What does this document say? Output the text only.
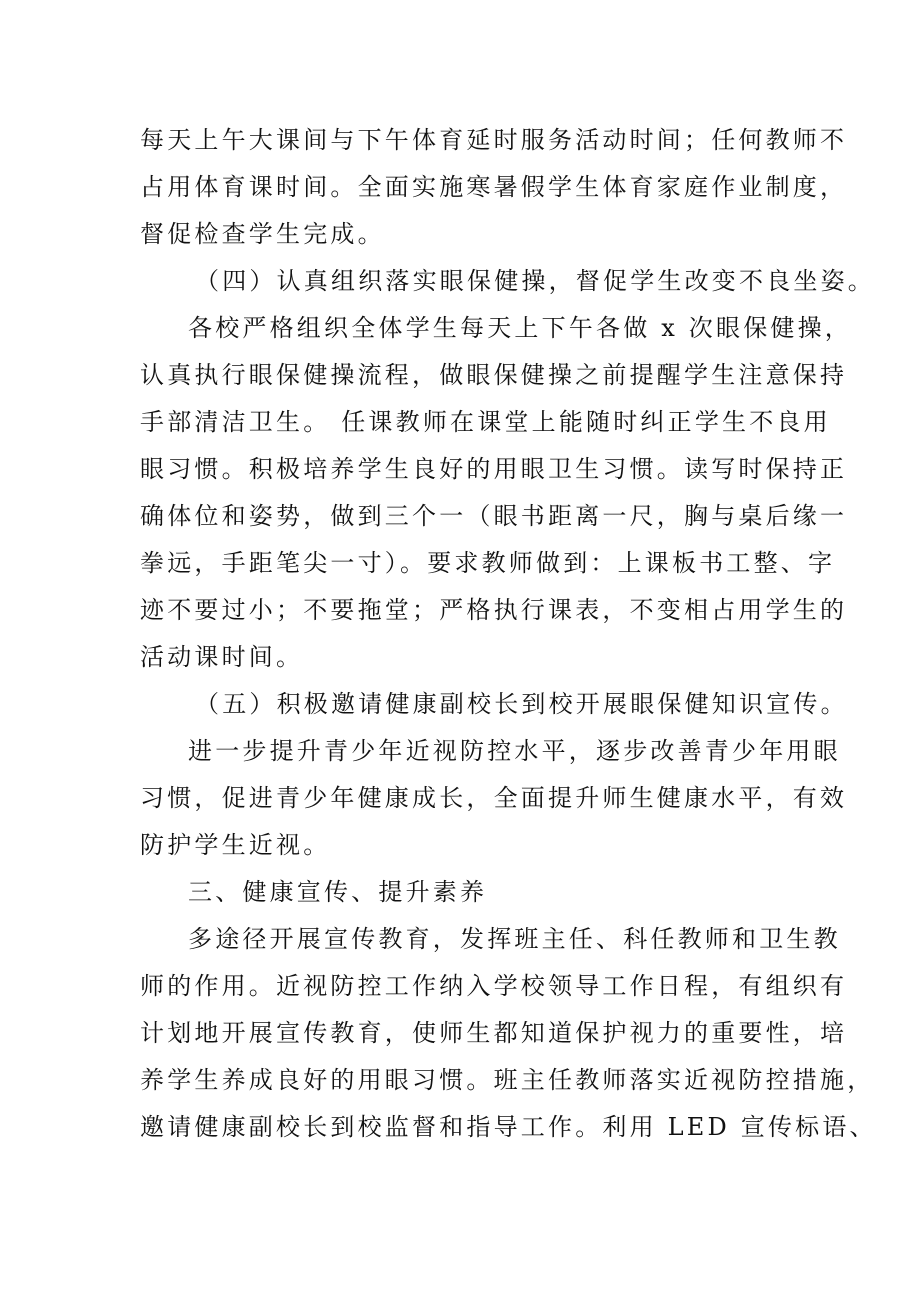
每天上午大课间与下午体育延时服务活动时间；任何教师不
占用体育课时间。全面实施寒暑假学生体育家庭作业制度，
督促检查学生完成。
（四）认真组织落实眼保健操，督促学生改变不良坐姿。
各校严格组织全体学生每天上下午各做 x 次眼保健操，
认真执行眼保健操流程，做眼保健操之前提醒学生注意保持
手部清洁卫生。 任课教师在课堂上能随时纠正学生不良用
眼习惯。积极培养学生良好的用眼卫生习惯。读写时保持正
确体位和姿势，做到三个一（眼书距离一尺，胸与桌后缘一
拳远，手距笔尖一寸）。要求教师做到：上课板书工整、字
迹不要过小；不要拖堂；严格执行课表，不变相占用学生的
活动课时间。
（五）积极邀请健康副校长到校开展眼保健知识宣传。
进一步提升青少年近视防控水平，逐步改善青少年用眼
习惯，促进青少年健康成长，全面提升师生健康水平，有效
防护学生近视。
三、健康宣传、提升素养
多途径开展宣传教育，发挥班主任、科任教师和卫生教
师的作用。近视防控工作纳入学校领导工作日程，有组织有
计划地开展宣传教育，使师生都知道保护视力的重要性，培
养学生养成良好的用眼习惯。班主任教师落实近视防控措施，
邀请健康副校长到校监督和指导工作。利用 LED 宣传标语、
